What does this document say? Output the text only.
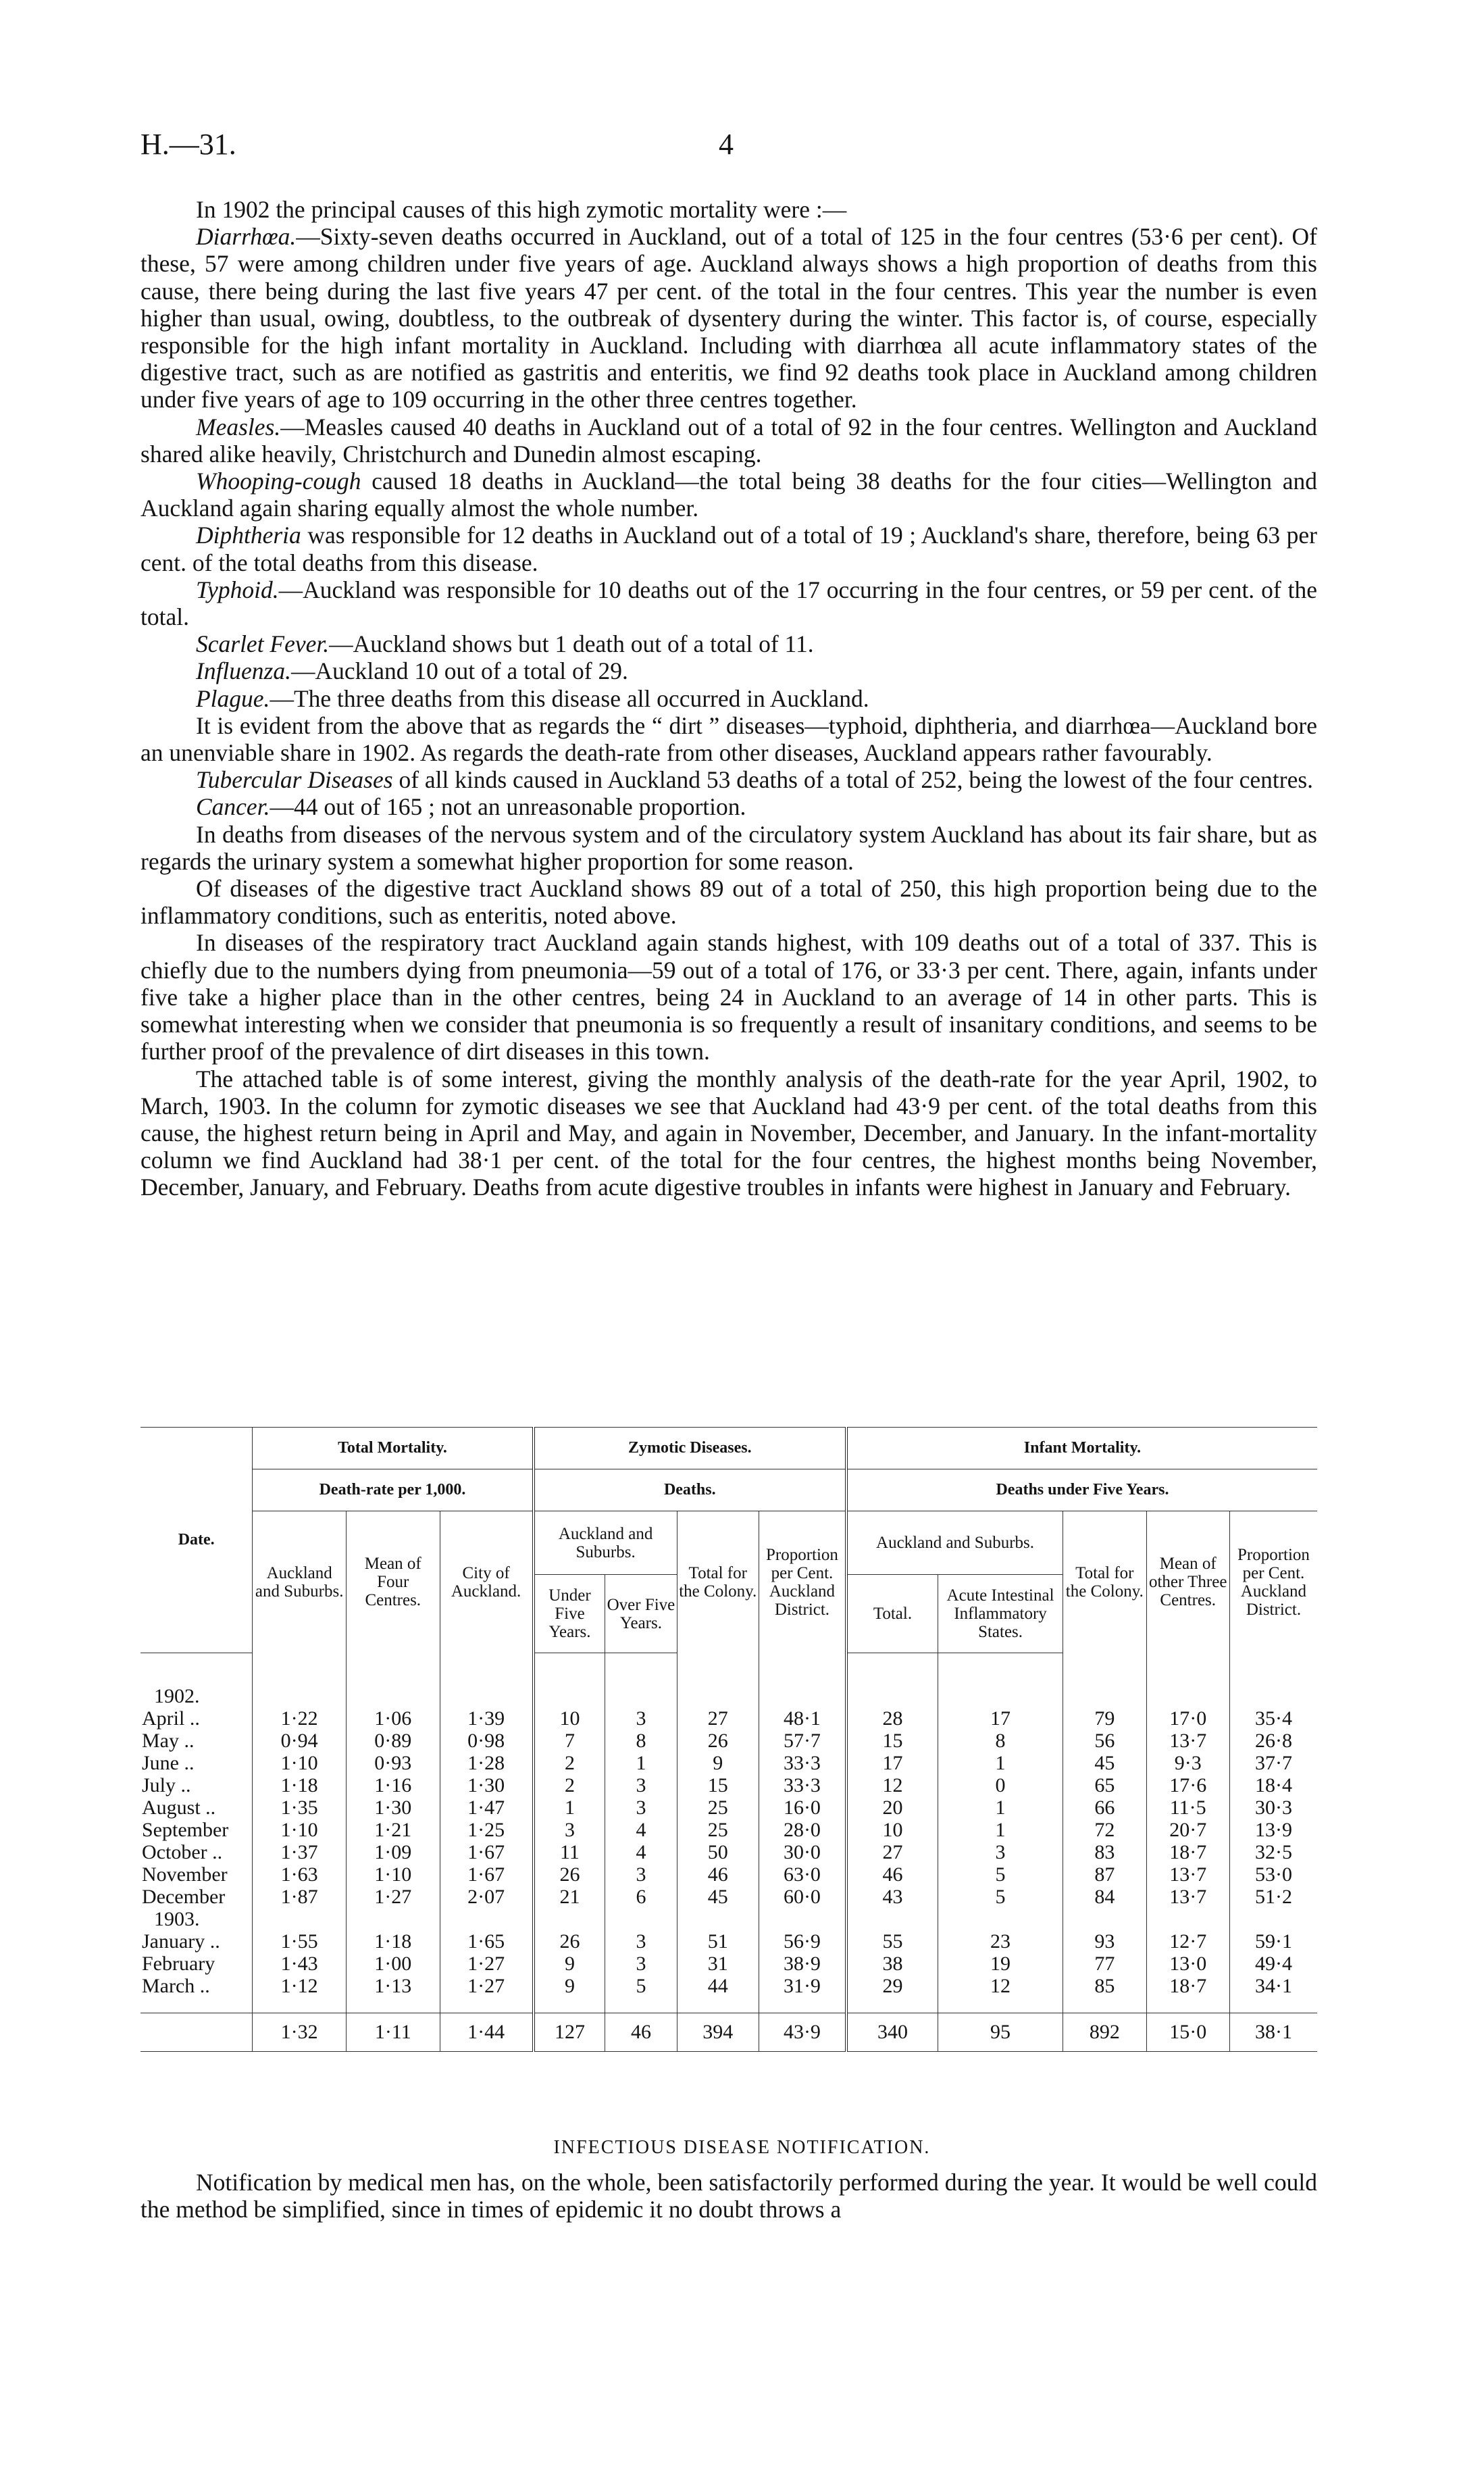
H.—31.	4

In 1902 the principal causes of this high zymotic mortality were :—

Diarrhœa.—Sixty-seven deaths occurred in Auckland, out of a total of 125 in the four centres (53·6 per cent). Of these, 57 were among children under five years of age. Auckland always shows a high proportion of deaths from this cause, there being during the last five years 47 per cent. of the total in the four centres. This year the number is even higher than usual, owing, doubtless, to the outbreak of dysentery during the winter. This factor is, of course, especially responsible for the high infant mortality in Auckland. Including with diarrhœa all acute inflammatory states of the digestive tract, such as are notified as gastritis and enteritis, we find 92 deaths took place in Auckland among children under five years of age to 109 occurring in the other three centres together.

Measles.—Measles caused 40 deaths in Auckland out of a total of 92 in the four centres. Wellington and Auckland shared alike heavily, Christchurch and Dunedin almost escaping.

Whooping-cough caused 18 deaths in Auckland—the total being 38 deaths for the four cities—Wellington and Auckland again sharing equally almost the whole number.

Diphtheria was responsible for 12 deaths in Auckland out of a total of 19 ; Auckland's share, therefore, being 63 per cent. of the total deaths from this disease.

Typhoid.—Auckland was responsible for 10 deaths out of the 17 occurring in the four centres, or 59 per cent. of the total.

Scarlet Fever.—Auckland shows but 1 death out of a total of 11.

Influenza.—Auckland 10 out of a total of 29.

Plague.—The three deaths from this disease all occurred in Auckland.

It is evident from the above that as regards the “ dirt ” diseases—typhoid, diphtheria, and diarrhœa—Auckland bore an unenviable share in 1902. As regards the death-rate from other diseases, Auckland appears rather favourably.

Tubercular Diseases of all kinds caused in Auckland 53 deaths of a total of 252, being the lowest of the four centres.

Cancer.—44 out of 165 ; not an unreasonable proportion.

In deaths from diseases of the nervous system and of the circulatory system Auckland has about its fair share, but as regards the urinary system a somewhat higher proportion for some reason.

Of diseases of the digestive tract Auckland shows 89 out of a total of 250, this high proportion being due to the inflammatory conditions, such as enteritis, noted above.

In diseases of the respiratory tract Auckland again stands highest, with 109 deaths out of a total of 337. This is chiefly due to the numbers dying from pneumonia—59 out of a total of 176, or 33·3 per cent. There, again, infants under five take a higher place than in the other centres, being 24 in Auckland to an average of 14 in other parts. This is somewhat interesting when we consider that pneumonia is so frequently a result of insanitary conditions, and seems to be further proof of the prevalence of dirt diseases in this town.

The attached table is of some interest, giving the monthly analysis of the death-rate for the year April, 1902, to March, 1903. In the column for zymotic diseases we see that Auckland had 43·9 per cent. of the total deaths from this cause, the highest return being in April and May, and again in November, December, and January. In the infant-mortality column we find Auckland had 38·1 per cent. of the total for the four centres, the highest months being November, December, January, and February. Deaths from acute digestive troubles in infants were highest in January and February.

Date.	Total Mortality.			Zymotic Diseases.				Infant Mortality.				
	Death-rate per 1,000.			Deaths.				Deaths under Five Years.				
	Auckland and Suburbs.	Mean of Four Centres.	City of Auckland.	Auckland and Suburbs.		Total for the Colony.	Proportion per Cent. Auckland District.	Auckland and Suburbs.		Total for the Colony.	Mean of other Three Centres.	Proportion per Cent. Auckland District.
				Under Five Years.	Over Five Years.			Total.	Acute Intestinal Inflammatory States.			

1902.												
April ..	1·22	1·06	1·39	10	3	27	48·1	28	17	79	17·0	35·4
May ..	0·94	0·89	0·98	7	8	26	57·7	15	8	56	13·7	26·8
June ..	1·10	0·93	1·28	2	1	9	33·3	17	1	45	9·3	37·7
July ..	1·18	1·16	1·30	2	3	15	33·3	12	0	65	17·6	18·4
August ..	1·35	1·30	1·47	1	3	25	16·0	20	1	66	11·5	30·3
September	1·10	1·21	1·25	3	4	25	28·0	10	1	72	20·7	13·9
October ..	1·37	1·09	1·67	11	4	50	30·0	27	3	83	18·7	32·5
November	1·63	1·10	1·67	26	3	46	63·0	46	5	87	13·7	53·0
December	1·87	1·27	2·07	21	6	45	60·0	43	5	84	13·7	51·2
1903.												
January ..	1·55	1·18	1·65	26	3	51	56·9	55	23	93	12·7	59·1
February	1·43	1·00	1·27	9	3	31	38·9	38	19	77	13·0	49·4
March ..	1·12	1·13	1·27	9	5	44	31·9	29	12	85	18·7	34·1

	1·32	1·11	1·44	127	46	394	43·9	340	95	892	15·0	38·1
INFECTIOUS DISEASE NOTIFICATION.

Notification by medical men has, on the whole, been satisfactorily performed during the year. It would be well could the method be simplified, since in times of epidemic it no doubt throws a
